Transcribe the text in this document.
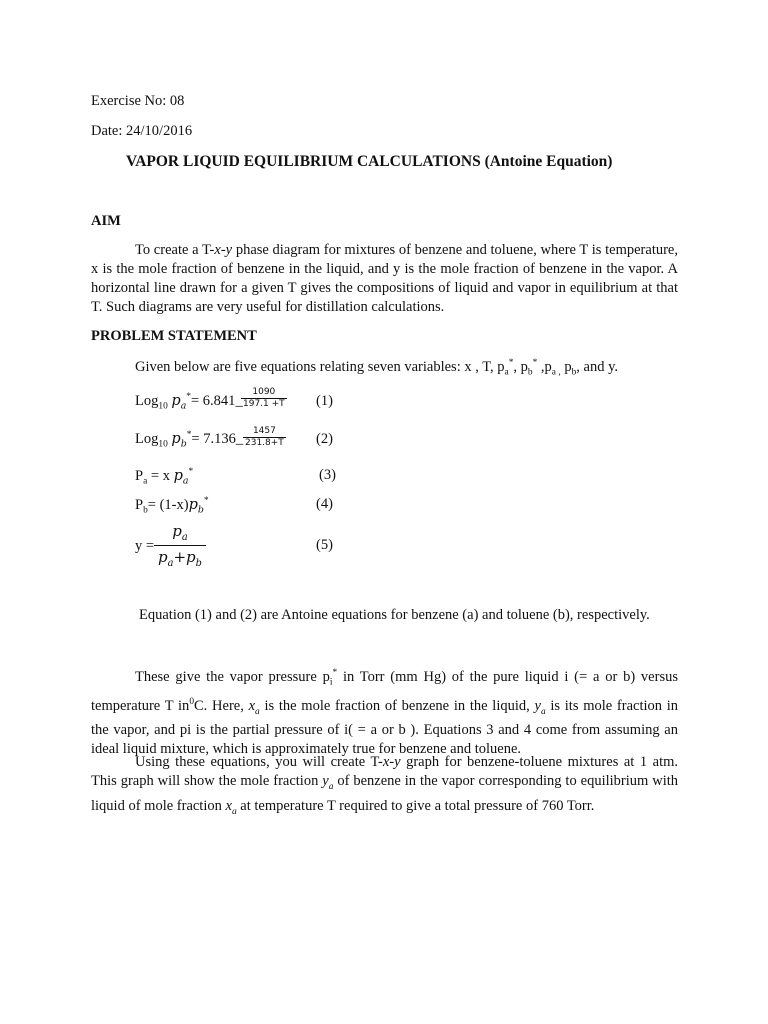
Exercise No: 08
Date: 24/10/2016
VAPOR LIQUID EQUILIBRIUM CALCULATIONS (Antoine Equation)
AIM
To create a T-x-y phase diagram for mixtures of benzene and toluene, where T is temperature, x is the mole fraction of benzene in the liquid, and y is the mole fraction of benzene in the vapor. A horizontal line drawn for a given T gives the compositions of liquid and vapor in equilibrium at that T. Such diagrams are very useful for distillation calculations.
PROBLEM STATEMENT
Given below are five equations relating seven variables: x , T, $p_a^*$, $p_b^*$ $,p_{a ,}$ $p_b$, and y.
Log$_{10}$ $p_a^*=$ 6.841_
$\frac{1090}{197.1 +T} (1)$
Log$_{10}$ $p_b^*=$ 7.136_ $\frac{1457}{231.8+T} (2)$
$P_a = x$ $p_a^*$	(3)
$P_b= (1-x)p_b^*$	(4)
$y = \frac{p_a}{p_a+p_b}$	(5)
Equation (1) and (2) are Antoine equations for benzene (a) and toluene (b), respectively.
These give the vapor pressure $p_i^*$ in Torr (mm Hg) of the pure liquid i (= a or b) versus temperature T $in^0C$. Here, $x_a$ is the mole fraction of benzene in the liquid, $y_a$ is its mole fraction in the vapor, and pi is the partial pressure of i( = a or b ). Equations 3 and 4 come from assuming an ideal liquid mixture, which is approximately true for benzene and toluene.
Using these equations, you will create T-x-y graph for benzene-toluene mixtures at 1 atm. This graph will show the mole fraction $y_a$ of benzene in the vapor corresponding to equilibrium with liquid of mole fraction $x_a$ at temperature T required to give a total pressure of 760 Torr.
